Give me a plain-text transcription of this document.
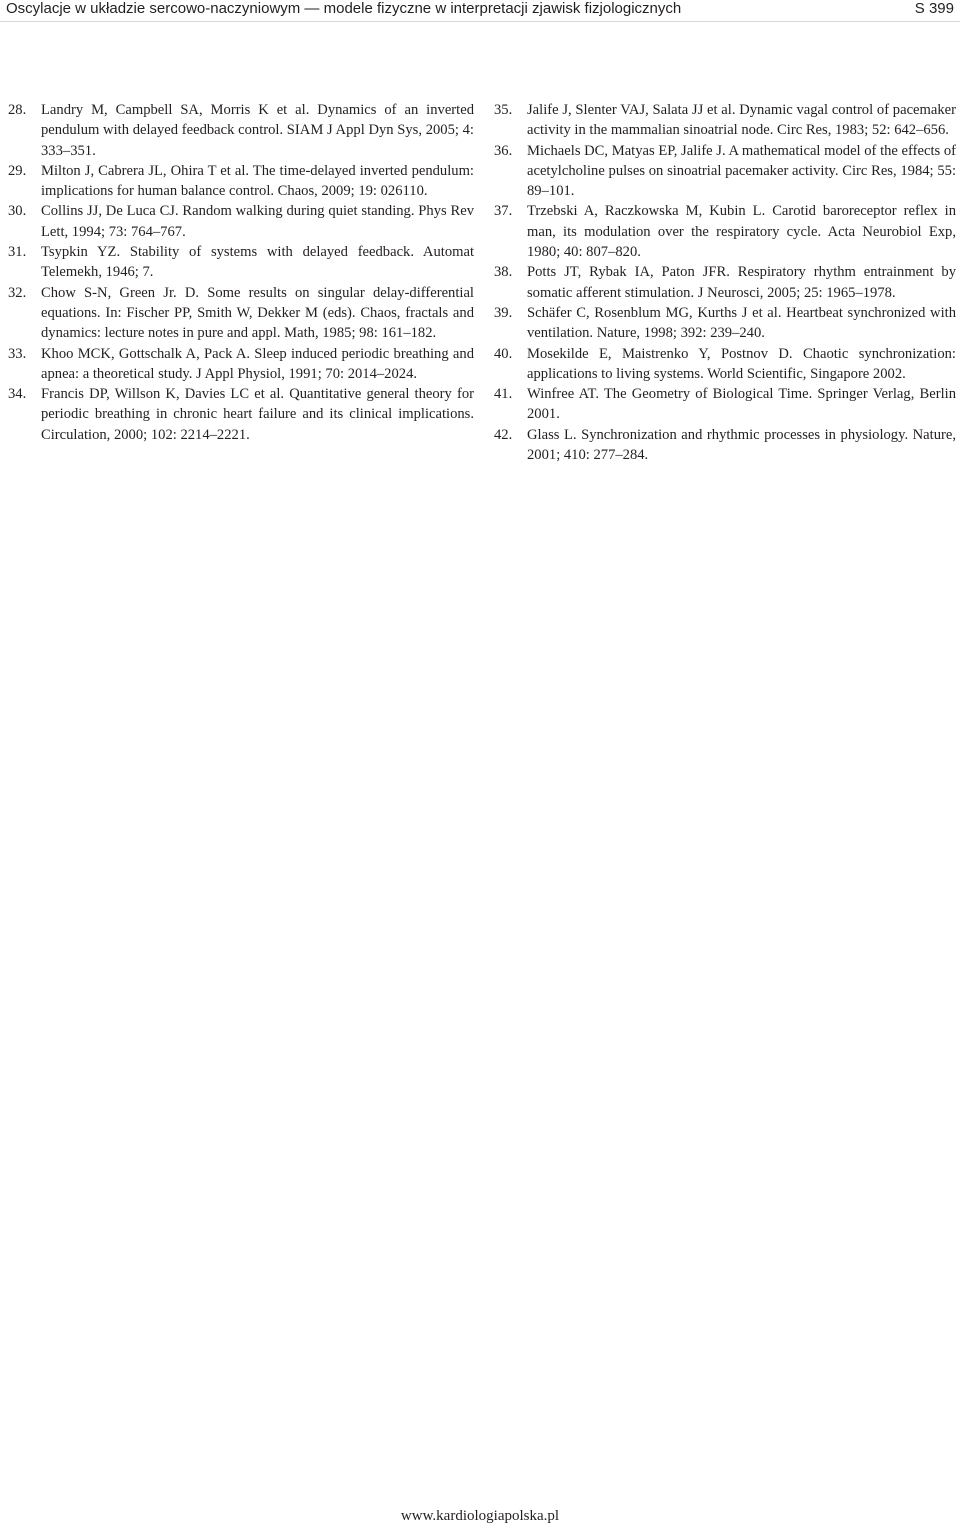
Oscylacje w układzie sercowo-naczyniowym — modele fizyczne w interpretacji zjawisk fizjologicznych	S 399
28.	Landry M, Campbell SA, Morris K et al. Dynamics of an inverted pendulum with delayed feedback control. SIAM J Appl Dyn Sys, 2005; 4: 333–351.
29.	Milton J, Cabrera JL, Ohira T et al. The time-delayed inverted pendulum: implications for human balance control. Chaos, 2009; 19: 026110.
30.	Collins JJ, De Luca CJ. Random walking during quiet standing. Phys Rev Lett, 1994; 73: 764–767.
31.	Tsypkin YZ. Stability of systems with delayed feedback. Automat Telemekh, 1946; 7.
32.	Chow S-N, Green Jr. D. Some results on singular delay-differential equations. In: Fischer PP, Smith W, Dekker M (eds). Chaos, fractals and dynamics: lecture notes in pure and appl. Math, 1985; 98: 161–182.
33.	Khoo MCK, Gottschalk A, Pack A. Sleep induced periodic breathing and apnea: a theoretical study. J Appl Physiol, 1991; 70: 2014–2024.
34.	Francis DP, Willson K, Davies LC et al. Quantitative general theory for periodic breathing in chronic heart failure and its clinical implications. Circulation, 2000; 102: 2214–2221.
35.	Jalife J, Slenter VAJ, Salata JJ et al. Dynamic vagal control of pacemaker activity in the mammalian sinoatrial node. Circ Res, 1983; 52: 642–656.
36.	Michaels DC, Matyas EP, Jalife J. A mathematical model of the effects of acetylcholine pulses on sinoatrial pacemaker activity. Circ Res, 1984; 55: 89–101.
37.	Trzebski A, Raczkowska M, Kubin L. Carotid baroreceptor reflex in man, its modulation over the respiratory cycle. Acta Neurobiol Exp, 1980; 40: 807–820.
38.	Potts JT, Rybak IA, Paton JFR. Respiratory rhythm entrainment by somatic afferent stimulation. J Neurosci, 2005; 25: 1965–1978.
39.	Schäfer C, Rosenblum MG, Kurths J et al. Heartbeat synchronized with ventilation. Nature, 1998; 392: 239–240.
40.	Mosekilde E, Maistrenko Y, Postnov D. Chaotic synchronization: applications to living systems. World Scientific, Singapore 2002.
41.	Winfree AT. The Geometry of Biological Time. Springer Verlag, Berlin 2001.
42.	Glass L. Synchronization and rhythmic processes in physiology. Nature, 2001; 410: 277–284.
www.kardiologiapolska.pl
